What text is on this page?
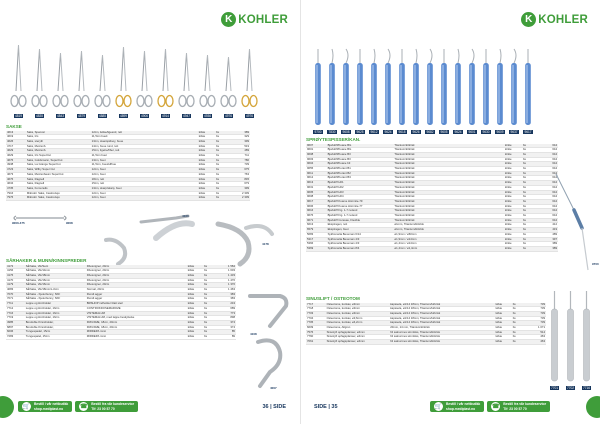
K KOHLER
4819	4835	4843	4879	4885	4899	4906	4914	4947	4936	4976	4976
SAKSE
4613	Saks, Spencer	12cm, lukke/ligeend, rett	kirkie	bs	389
4619	Saks, Iris	11,5cm bueit	kirkie	bs	329
4626	Saks, steryth	13cm, stae/spidsoy, buue	kirkie	bs	399
4717	Saks, Metzenb.	14cm, buue rund, rett	kirkie	bs	519
4629	Saks, Metzenb.	15cm, ligetre/fiber, rett	kirkie	bs	489
4629	Saks, Iris SuperCut	11,5cm buet	kirkie	bs	711
4676	Saks, Goldsmann, SuperCut	13cm, buet	kirkie	bs	780
4938	Saks, La Grange SuperCut	11,5cm, buet/elfbue	kirkie	bs	739
4723	Saks, Wilby Super Cut	12cm, buet	kirkie	bs	675
4673	Saks, Metzenbaum SuperCut	12cm, buet	kirkie	bs	763
4676	Saks, Ragnell	18cm, rett	kirkie	bs	845
4634	Saks, Ragnell	15cm, rett	kirkie	bs	679
4735	Saks, Fomonulis	13cm, skarp/skarp, buet	kirkie	bs	399
7916	Mikrokir. Saks, Castroviejo	12cm, buet	kirkie	bs	2 309
7976	Mikrokir. Saks, Castroviejo	12cm, buet	kirkie	bs	2 309
9000-475	9008
4160
4178
SÅRHAKER & MUNN/KINNSPREDER
4172	Sårhake, Vik/Sent	Dbosvigner, 20cm	kirkie	bs	1 584
4156	Sårhake, Vik/14mm	Dbosvigner, 20cm	kirkie	bs	1 603
4176	Sårhake, Vik/18mm	Dbosvigner, 20cm	kirkie	bs	1 433
4170	Sårhake, Vik/16mm	Dbosvigner, 20cm	kirkie	bs	1 470
4179	Sårhake, Vik/16mm	Dbosvigner, 20cm	kirkie	bs	1 370
4083	Sårhake, Vik/18mm/L-0cm	Normal, 20cm	kirkie	bs	1 463
7070	Sårhake - Kjeler/tenny, SKF	Rundt agger	kirkie	bs	383
7071	Sårhake - Kjeler/tenny, SKF	Rundt agger	kirkie	bs	383
7711	Leppe og kinnholder	BRSHOP indholder blatt steri	kirkie	bs	243
7712	Leppe og kinnholder, 16cm	CONTROKDOSEMAROZE	kirkie	bs	689
7716	Leppe og kinnholder, 16cm	VISTEMALUM	kirkie	bs	773
7719	Leppe og kinnholder, 16cm	VISTEMALUM, med lappe beskyttelse	kirkie	bs	898
4985	Bonduble Kinnsholder,	FRIGSME, 18cm, 20mm	kirkie	bs	374
6897	Bonduble Kinnsholder,	FRIGSME, 18cm, 20mm	kirkie	bs	374
6006	Tungespadel, 15cm	MIRDEPA mmn	kirkie	bs	85
7283	Tungespatel, 15cm	MIRDEPA mmn	kirkie	bs	89
4108
4007
🛒 Bestill i vår nettbutikk
shop.mediplast.no	☎ Bestill fra vår kundeservice
Tlf: 23 00 57 70	36 | SIDE
K KOHLER
9700	7830	9608	9625	9612	9624	9618	9626	9682	9605	9624	9601	9630	9609	9637	9617
SPRØYTESPISSER/KAN.
9607	Bjorklöff/Kuane BG	Titanium/kirkrisk	kirkie	bs	644
9601	Bjorklöff/Kuane BG	Titanium/kirkrisk	kirkie	bs	644
9608	Bjorklöff/Kuane B3	Titanium/kirkrisk	kirkie	bs	644
9603	Bjorklöff/Kuane B3	Titanium/kirkrisk	kirkie	bs	644
9604	Bjorklöff/Kuane b3	Titanium/kirkrisk	kirkie	bs	644
9655	Bjorklöff/Kurant B1	Titanium/kirkrisk	kirkie	bs	644
9611	Bjorklöff/Kurant B2	Titanium/kirkrisk	kirkie	bs	644
9612	Bjorklöff/Kurant B3	Titanium/kirkrisk	kirkie	bs	644
9613	Bjorklöff H01	Titanium/kirkrisk	kirkie	bs	644
9631	Bjorklöff H02	Titanium/kirkrisk	kirkie	bs	644
9605	Bjorklöff H03	Titanium/kirkrisk	kirkie	bs	644
9608	Bjorklöff H04	Titanium/kirkrisk	kirkie	bs	644
9617	Bjorklöff Kuame Hönmite-79	Titanium/kirkrisk	kirkie	bs	644
9606	Bjorklöff Kuame Hönmite-77	Titanium/kirkrisk	kirkie	bs	644
9616	Bjorklöff Fig. 1-7 rudend	Titanium/kirkrisk	kirkie	bs	644
9676	Bjorklöff Fig. 1-7 rudend	Titanium/kirkrisk	kirkie	bs	644
9671	Bjorklöff Curavas, Flexible	Titanium/kirkrisk	kirkie	bs	644
6613	Ekspiragen, rett	ø1mm, Titanium/kirkrisk	kirkie	bs	412
6579	Ekspiragen, buet	ø1mm, Titanium/kirkrisk	kirkie	bs	419
5683	Sykhomelia Beveman 6/14	ø1,9mm / ø60mm	kirkie	bs	489
5317	Sykhomelia Beveman 4/3	ø1,9mm / ø14mm	kirkie	bs	397
5366	Sykhomelia Beveman 4/3	ø1,4mm / ø14mm	kirkie	bs	389
5369	Sykhomelia Beveman 8/4	ø1,4mm / ø1,4mm	kirkie	bs	389
9700
SINUSLIFT / OSTEOTOM
7717	Osteotome, konkav, ø3mm	kapssela, ø1/14 18mm, Titanium/kirkrisk	kirkie	bs	739
7718	Osteotome, konkav, ø3mm	kapssela, ø1/14 18mm, Titanium/kirkrisk	kirkie	bs	739
7703	Osteotome, konkav, ø3mm	kapssela, ø1/14 18mm, Titanium/kirkrisk	kirkie	bs	739
7704	Osteotome, konkav, ø3,6mm	kapssela, ø1/14 18mm, Titanium/kirkrisk	kirkie	bs	739
7705	Osteotome, konkav, ø4,2mm	kapssela, ø1/14 18mm, Titanium/kirkrisk	kirkie	bs	739
6609	Osteotome, Allgrun	20mm, 14 mm, Titanium/kirkrisk	kirkie	bs	1 071
7576	Sinuslyft opfagsplanser, ø4mm	hil satnormes sinmlsks, Titanium/kirkrisk	kirkie	bs	514
7760	Sinuslyft opfagsplanser, ø4mm	hil satnormes sinmlsks, Titanium/kirkrisk	kirkie	bs	463
7061	Sinuslyft opfagsplanser, ø4mm	hil satnormes sinmlsks, Titanium/kirkrisk	kirkie	bs	463
7701	7702	7716
SIDE | 35	🛒 Bestill i vår nettbutikk
shop.mediplast.no	☎ Bestill fra vår kundeservice
Tlf: 23 00 57 70
